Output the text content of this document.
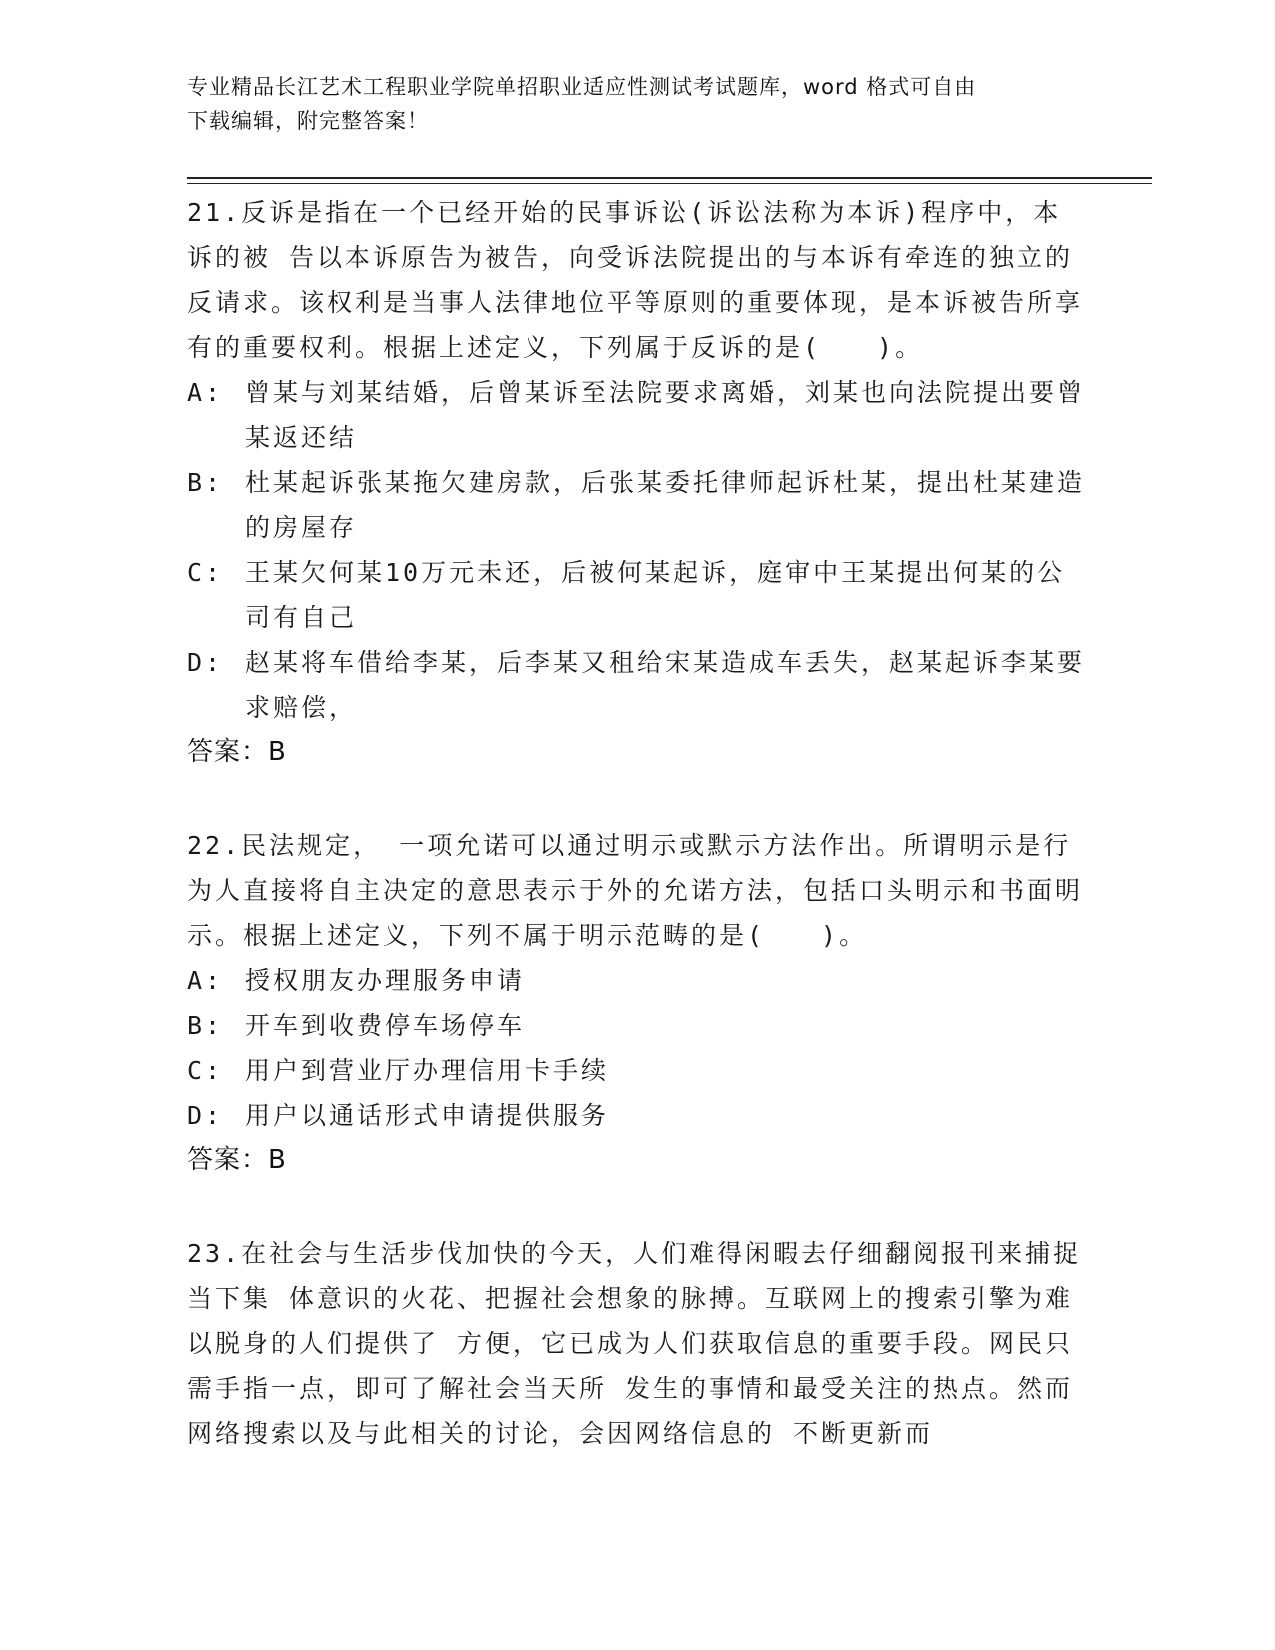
专业精品长江艺术工程职业学院单招职业适应性测试考试题库，word 格式可自由
下载编辑，附完整答案！

21.反诉是指在一个已经开始的民事诉讼(诉讼法称为本诉)程序中，本诉的被 告以本诉原告为被告，向受诉法院提出的与本诉有牵连的独立的反请求。该权利是当事人法律地位平等原则的重要体现，是本诉被告所享有的重要权利。根据上述定义，下列属于反诉的是(　　)。

A: 曾某与刘某结婚，后曾某诉至法院要求离婚，刘某也向法院提出要曾某返还结
B: 杜某起诉张某拖欠建房款，后张某委托律师起诉杜某，提出杜某建造的房屋存
C: 王某欠何某10万元未还，后被何某起诉，庭审中王某提出何某的公司有自己
D: 赵某将车借给李某，后李某又租给宋某造成车丢失，赵某起诉李某要求赔偿，

答案：B

22.民法规定， 一项允诺可以通过明示或默示方法作出。所谓明示是行为人直接将自主决定的意思表示于外的允诺方法，包括口头明示和书面明示。根据上述定义，下列不属于明示范畴的是(　　)。

A: 授权朋友办理服务申请
B: 开车到收费停车场停车
C: 用户到营业厅办理信用卡手续
D: 用户以通话形式申请提供服务

答案：B

23.在社会与生活步伐加快的今天，人们难得闲暇去仔细翻阅报刊来捕捉当下集 体意识的火花、把握社会想象的脉搏。互联网上的搜索引擎为难以脱身的人们提供了 方便，它已成为人们获取信息的重要手段。网民只需手指一点，即可了解社会当天所 发生的事情和最受关注的热点。然而网络搜索以及与此相关的讨论，会因网络信息的 不断更新而
